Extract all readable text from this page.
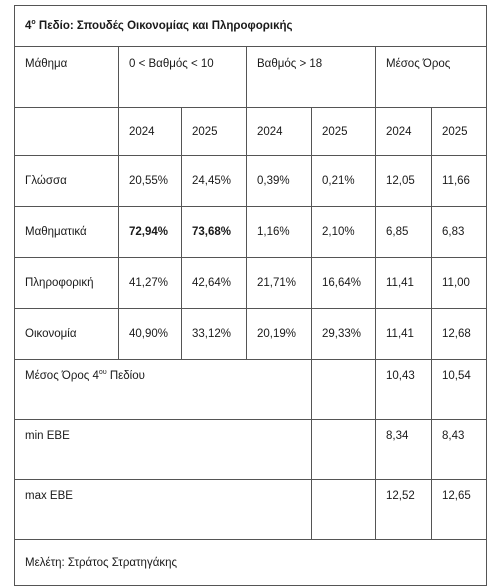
$4^o$ Πεδίο: Σπουδές Οικονομίας και Πληροφορικής						
Μάθημα	0 < Βαθμός < 10		Βαθμός > 18		Μέσος Όρος	
	2024	2025	2024	2025	2024	2025
Γλώσσα	20,55%	24,45%	0,39%	0,21%	12,05	11,66
Μαθηματικά	72,94%	73,68%	1,16%	2,10%	6,85	6,83
Πληροφορική	41,27%	42,64%	21,71%	16,64%	11,41	11,00
Οικονομία	40,90%	33,12%	20,19%	29,33%	11,41	12,68
Μέσος Όρος $4^{o\upsilon}$ Πεδίου					10,43	10,54
min ΕΒΕ					8,34	8,43
max ΕΒΕ					12,52	12,65
Μελέτη: Στράτος Στρατηγάκης						
